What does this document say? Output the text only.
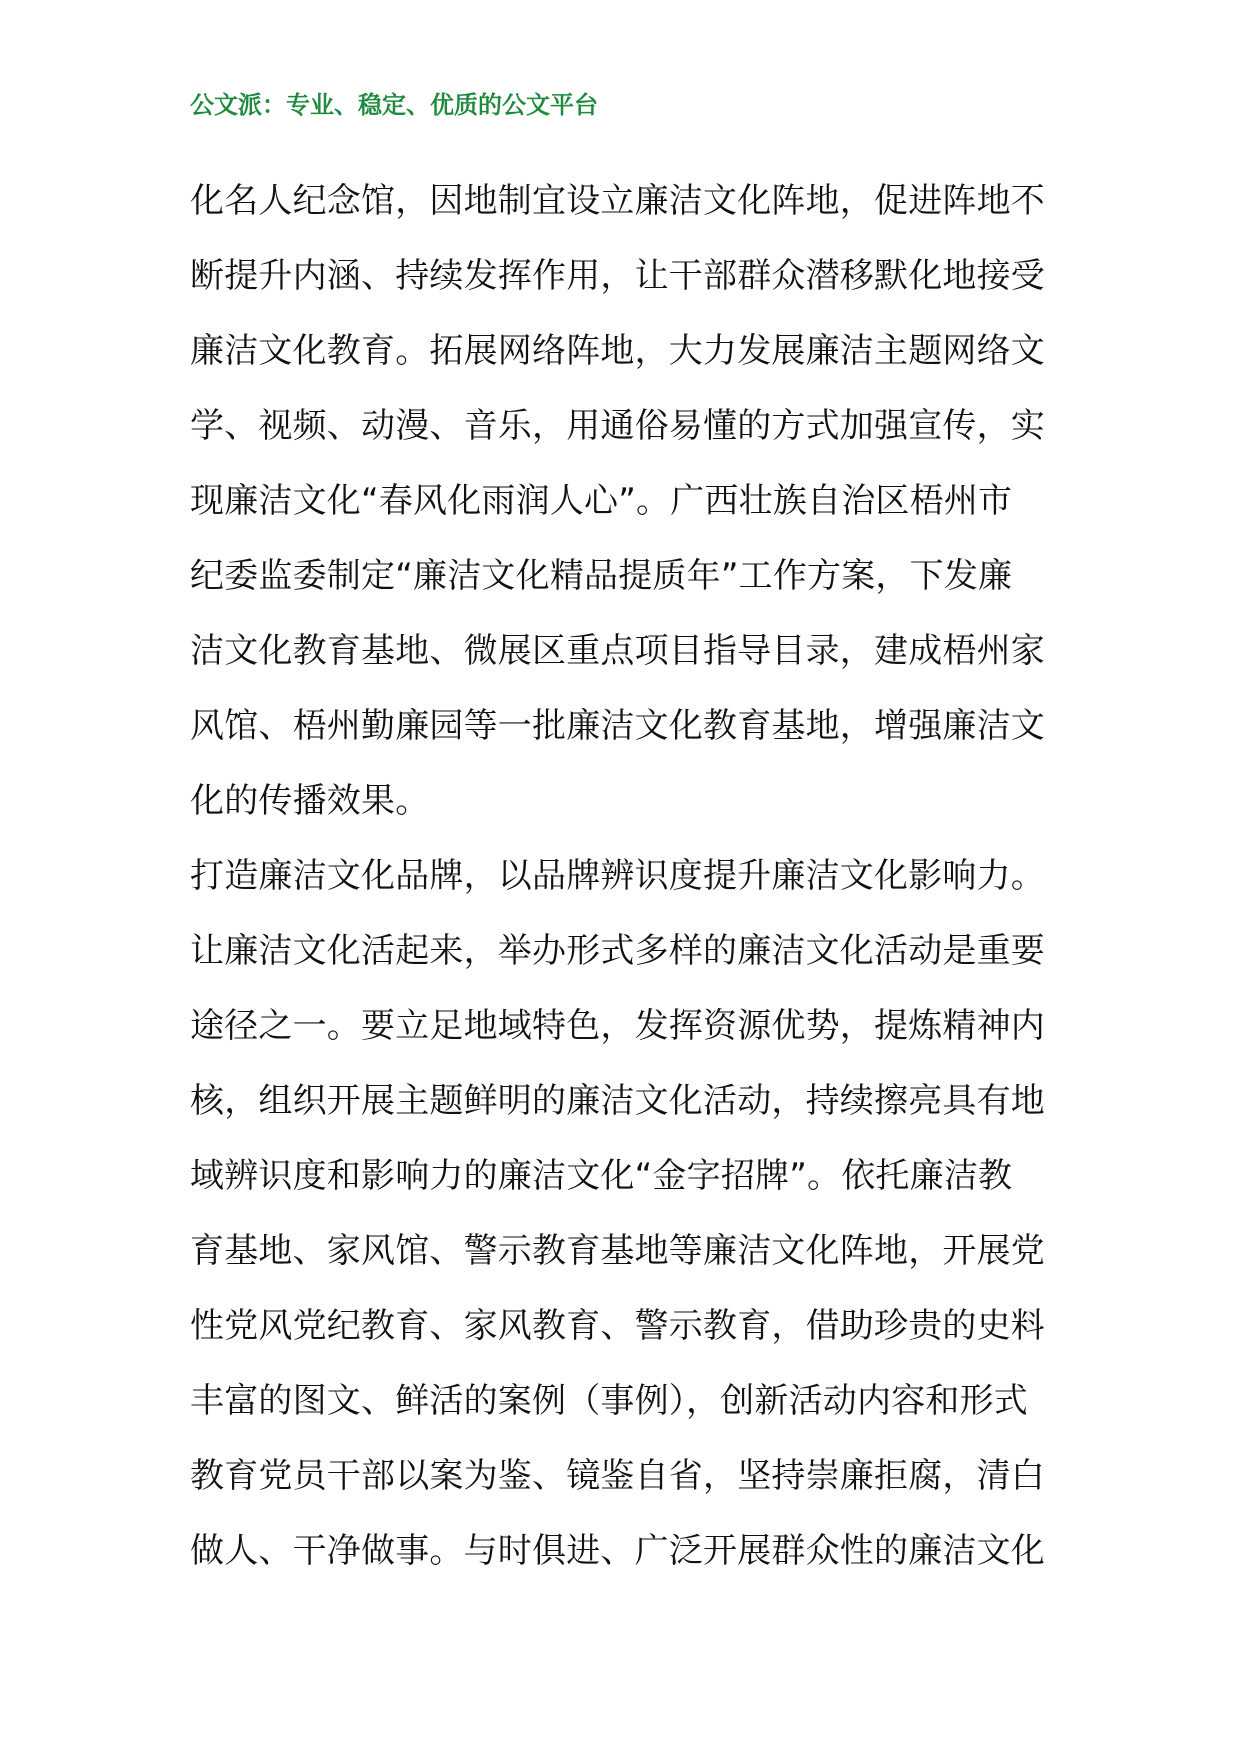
公文派：专业、稳定、优质的公文平台
化名人纪念馆，因地制宜设立廉洁文化阵地，促进阵地不
断提升内涵、持续发挥作用，让干部群众潜移默化地接受
廉洁文化教育。拓展网络阵地，大力发展廉洁主题网络文
学、视频、动漫、音乐，用通俗易懂的方式加强宣传，实
现廉洁文化“春风化雨润人心”。广西壮族自治区梧州市
纪委监委制定“廉洁文化精品提质年”工作方案，下发廉
洁文化教育基地、微展区重点项目指导目录，建成梧州家
风馆、梧州勤廉园等一批廉洁文化教育基地，增强廉洁文
化的传播效果。
打造廉洁文化品牌，以品牌辨识度提升廉洁文化影响力。
让廉洁文化活起来，举办形式多样的廉洁文化活动是重要
途径之一。要立足地域特色，发挥资源优势，提炼精神内
核，组织开展主题鲜明的廉洁文化活动，持续擦亮具有地
域辨识度和影响力的廉洁文化“金字招牌”。依托廉洁教
育基地、家风馆、警示教育基地等廉洁文化阵地，开展党
性党风党纪教育、家风教育、警示教育，借助珍贵的史料
丰富的图文、鲜活的案例（事例），创新活动内容和形式
教育党员干部以案为鉴、镜鉴自省，坚持崇廉拒腐，清白
做人、干净做事。与时俱进、广泛开展群众性的廉洁文化
